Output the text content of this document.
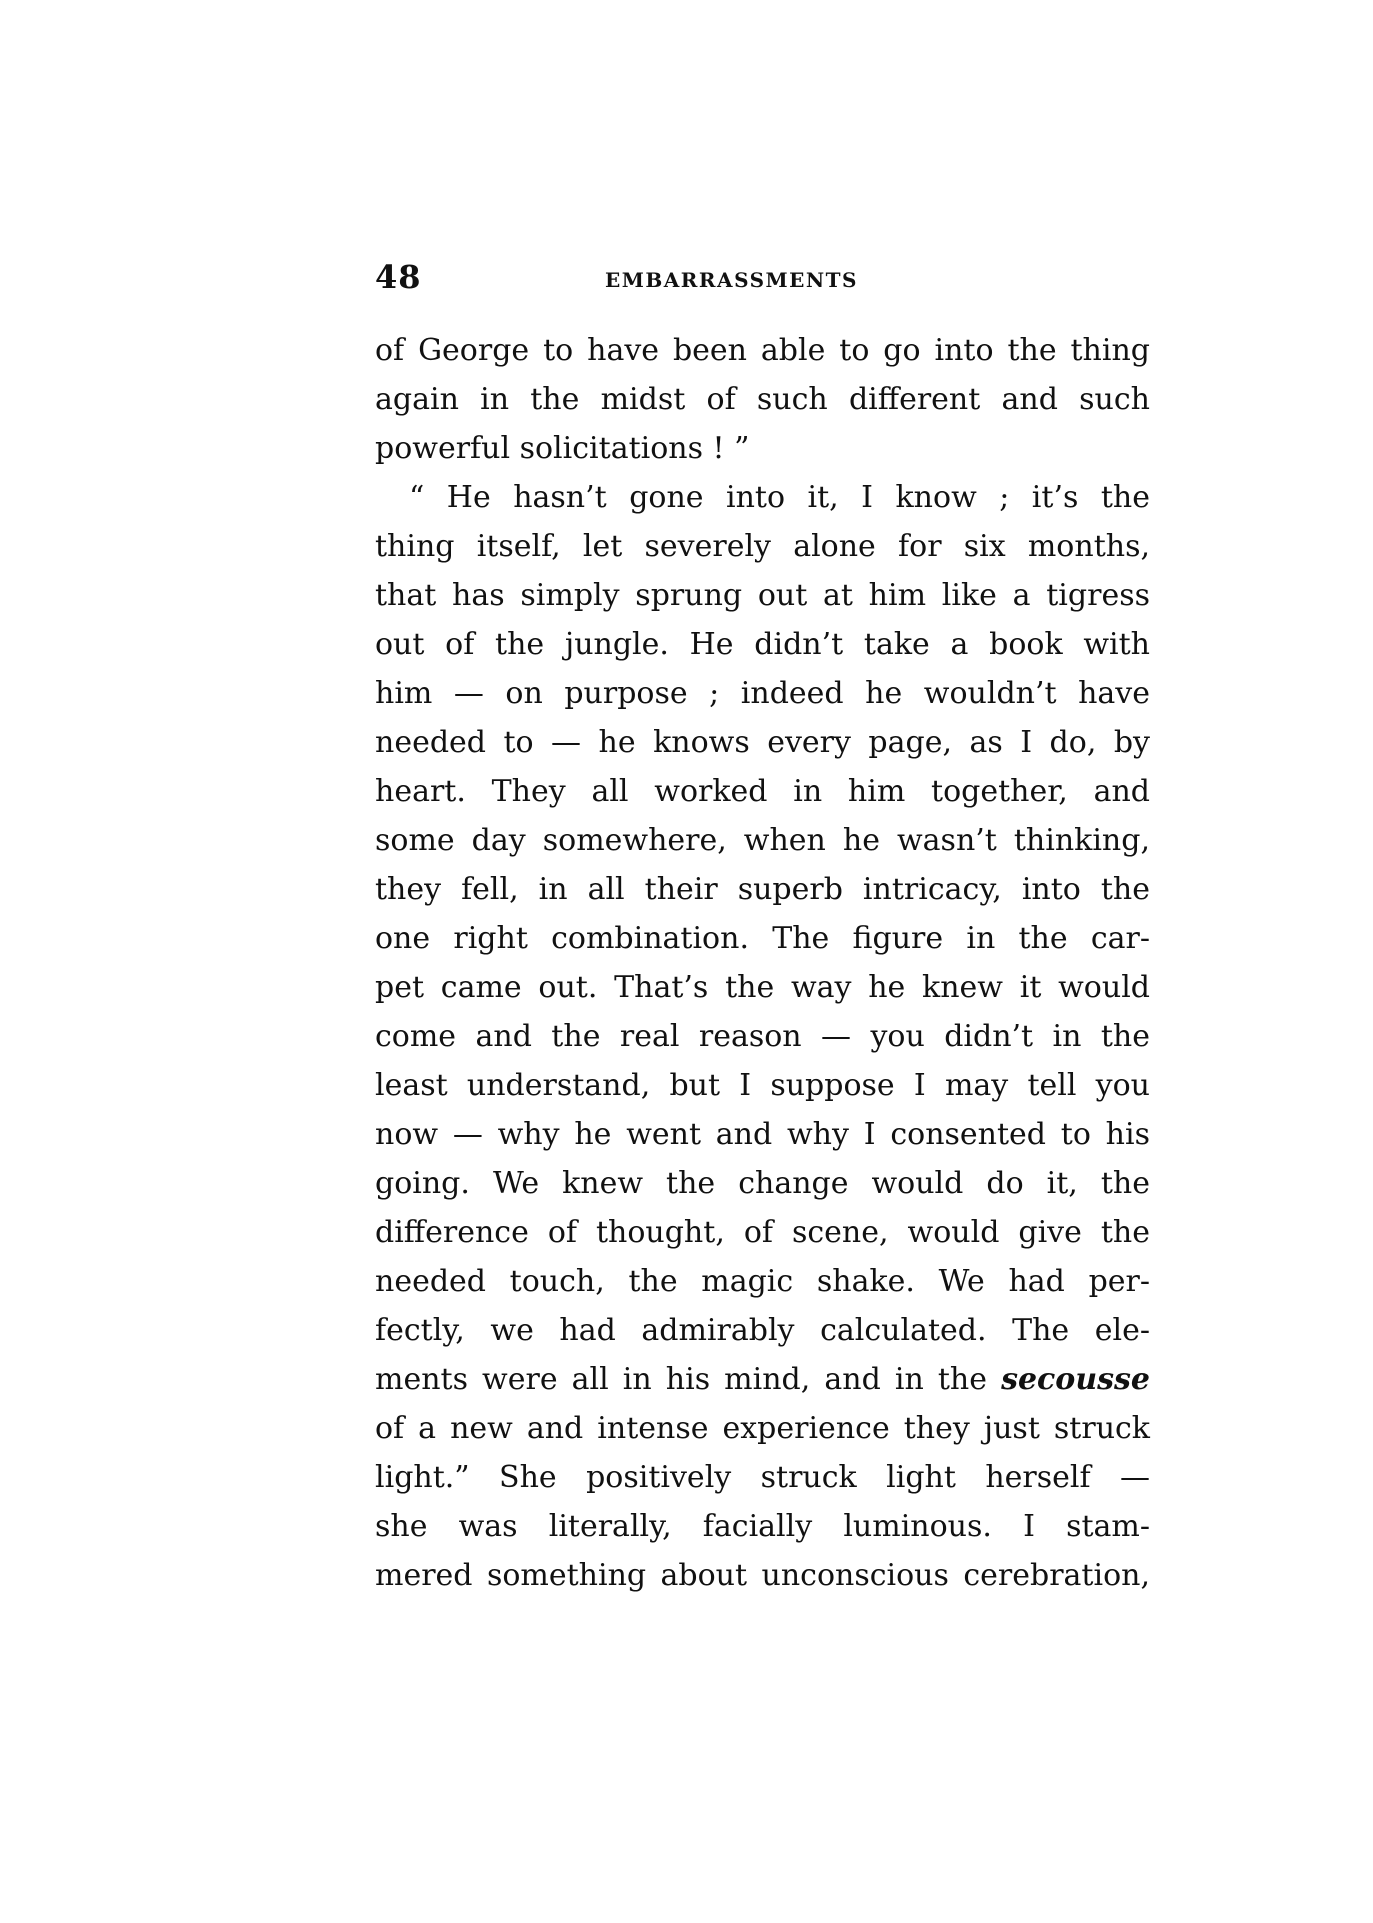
48	EMBARRASSMENTS
of George to have been able to go into the thing
again in the midst of such different and such
powerful solicitations ! ”
“ He hasn’t gone into it, I know ; it’s the
thing itself, let severely alone for six months,
that has simply sprung out at him like a tigress
out of the jungle. He didn’t take a book with
him — on purpose ; indeed he wouldn’t have
needed to — he knows every page, as I do, by
heart. They all worked in him together, and
some day somewhere, when he wasn’t thinking,
they fell, in all their superb intricacy, into the
one right combination. The figure in the car-
pet came out. That’s the way he knew it would
come and the real reason — you didn’t in the
least understand, but I suppose I may tell you
now — why he went and why I consented to his
going. We knew the change would do it, the
difference of thought, of scene, would give the
needed touch, the magic shake. We had per-
fectly, we had admirably calculated. The ele-
ments were all in his mind, and in the secousse
of a new and intense experience they just struck
light.” She positively struck light herself —
she was literally, facially luminous. I stam-
mered something about unconscious cerebration,
